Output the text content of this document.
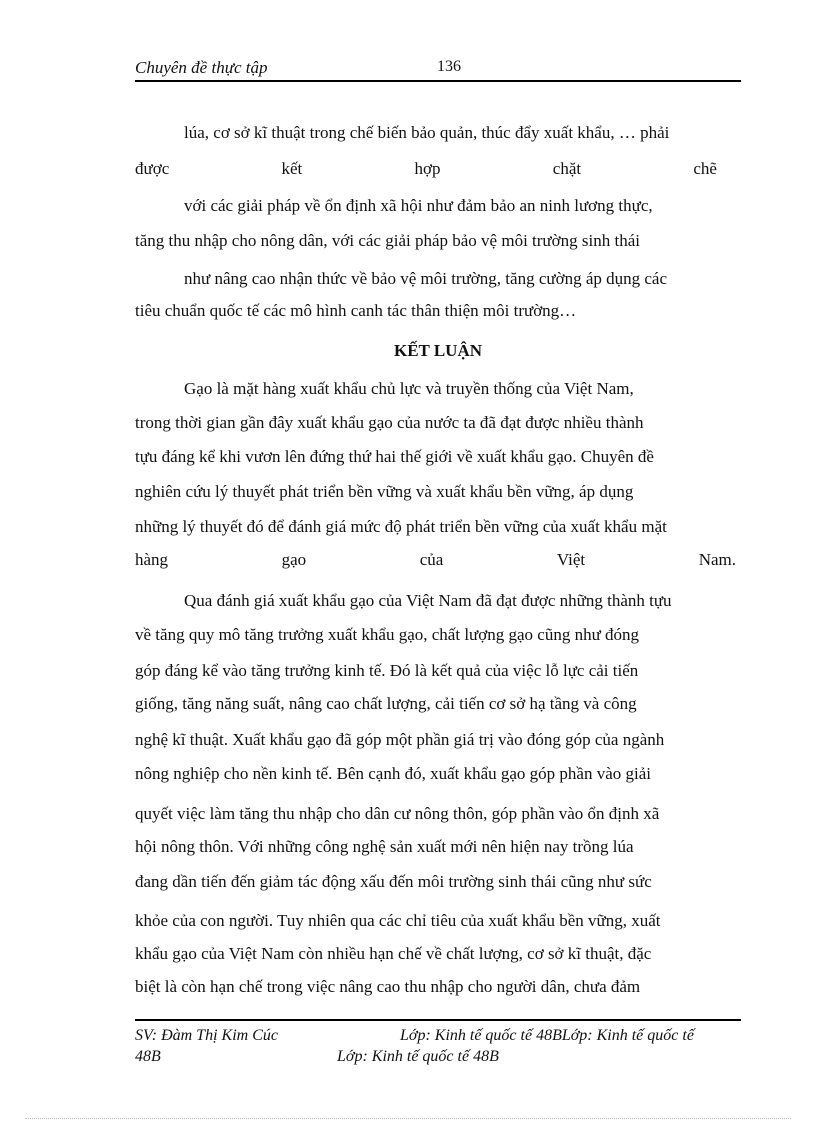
Chuyên đề thực tập	136
lúa, cơ sở kĩ thuật trong chế biến bảo quản, thúc đẩy xuất khẩu, … phải
được	kết	hợp	chặt	chẽ
với các giải pháp về ổn định xã hội như đảm bảo an ninh lương thực,
tăng thu nhập cho nông dân, với các giải pháp bảo vệ môi trường sinh thái
như nâng cao nhận thức về bảo vệ môi trường, tăng cường áp dụng các
tiêu chuẩn quốc tế các mô hình canh tác thân thiện môi trường…
KẾT LUẬN
Gạo là mặt hàng xuất khẩu chủ lực và truyền thống của Việt Nam,
trong thời gian gần đây xuất khẩu gạo của nước ta đã đạt được nhiều thành
tựu đáng kể khi vươn lên đứng thứ hai thế giới về xuất khẩu gạo. Chuyên đề
nghiên cứu lý thuyết phát triển bền vững và xuất khẩu bền vững, áp dụng
những lý thuyết đó để đánh giá mức độ phát triển bền vững của xuất khẩu mặt
hàng	gạo	của	Việt	Nam.
Qua đánh giá xuất khẩu gạo của Việt Nam đã đạt được những thành tựu
về tăng quy mô tăng trưởng xuất khẩu gạo, chất lượng gạo cũng như đóng
góp đáng kể vào tăng trưởng kinh tế. Đó là kết quả của việc lỗ lực cải tiến
giống, tăng năng suất, nâng cao chất lượng, cải tiến cơ sở hạ tầng và công
nghệ kĩ thuật. Xuất khẩu gạo đã góp một phần giá trị vào đóng góp của ngành
nông nghiệp cho nền kinh tế. Bên cạnh đó, xuất khẩu gạo góp phần vào giải
quyết việc làm tăng thu nhập cho dân cư nông thôn, góp phần vào ổn định xã
hội nông thôn. Với những công nghệ sản xuất mới nên hiện nay trồng lúa
đang dần tiến đến giảm tác động xấu đến môi trường sinh thái cũng như sức
khỏe của con người. Tuy nhiên qua các chỉ tiêu của xuất khẩu bền vững, xuất
khẩu gạo của Việt Nam còn nhiều hạn chế về chất lượng, cơ sở kĩ thuật, đặc
biệt là còn hạn chế trong việc nâng cao thu nhập cho người dân, chưa đảm
SV: Đàm Thị Kim Cúc	Lớp: Kinh tế quốc tế 48BLớp: Kinh tế quốc tế
48B	Lớp: Kinh tế quốc tế 48B
